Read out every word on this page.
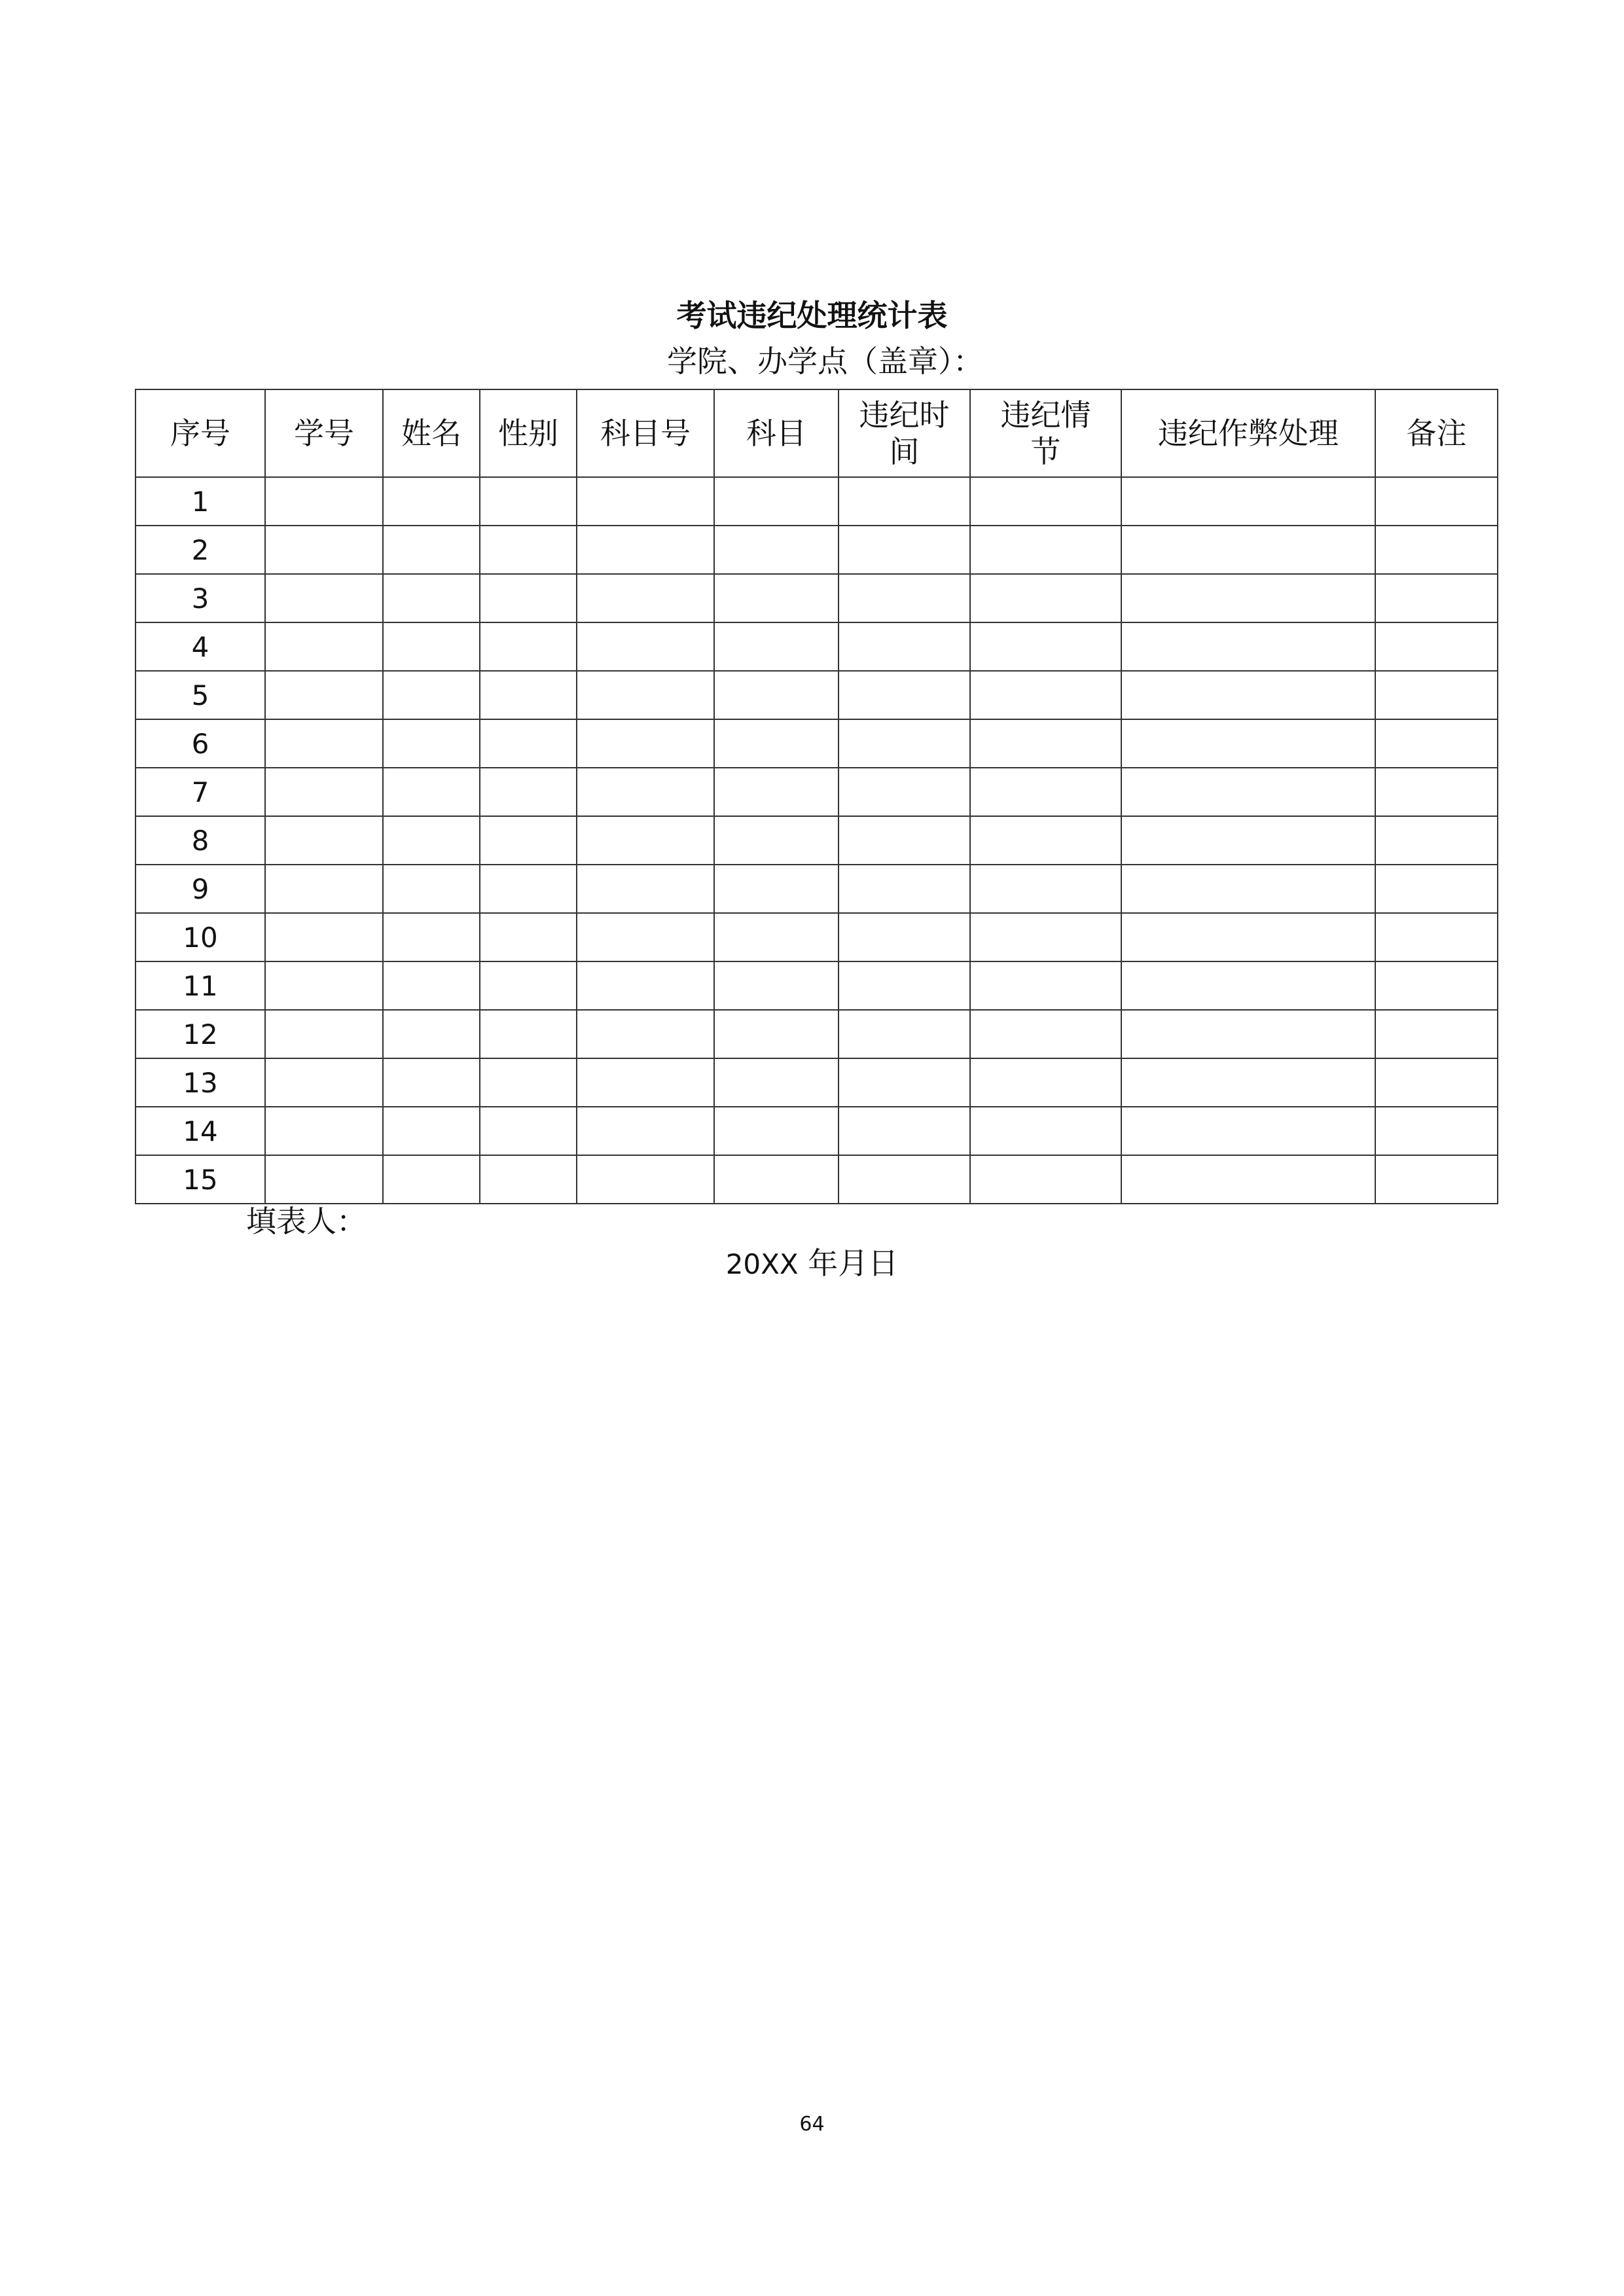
考试违纪处理统计表
学院、办学点（盖章）：
序号	学号	姓名	性别	科目号	科目	违纪时间	违纪情节	违纪作弊处理	备注
1									
2									
3									
4									
5									
6									
7									
8									
9									
10									
11									
12									
13									
14									
15									
填表人：
20XX 年月日
64
